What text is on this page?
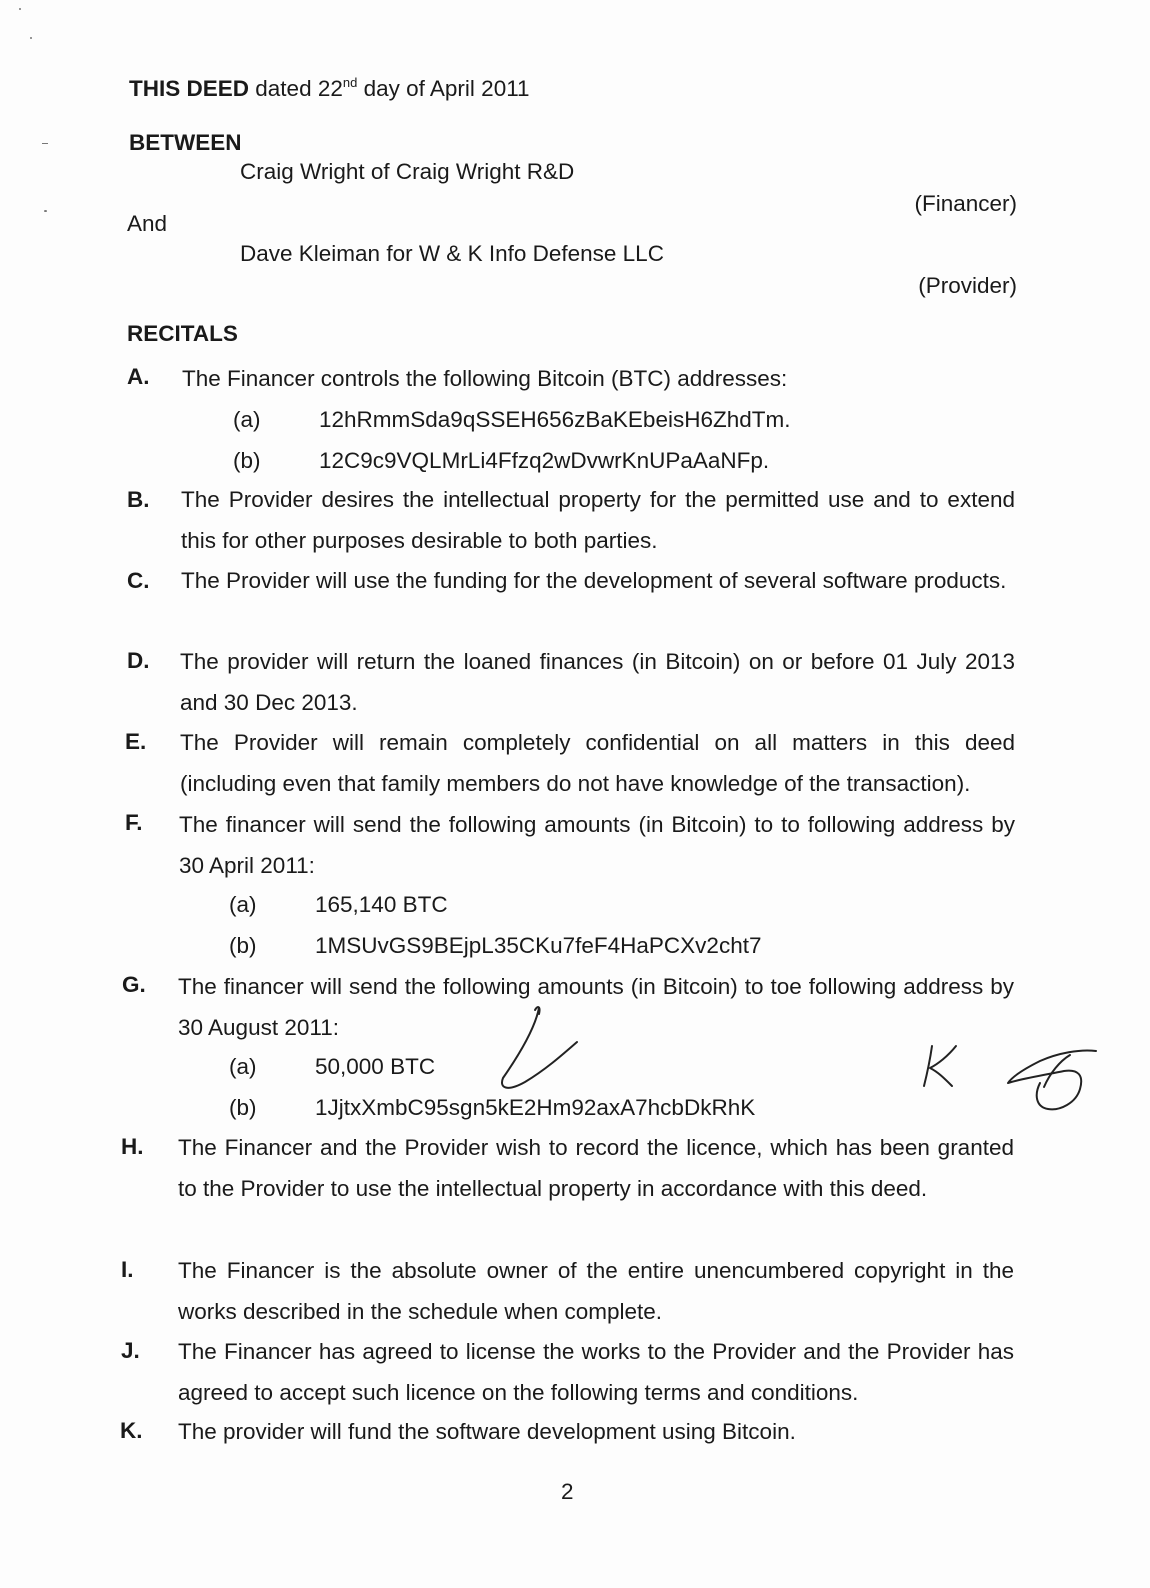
THIS DEED dated 22nd day of April 2011
BETWEEN
Craig Wright of Craig Wright R&D
(Financer)
And
Dave Kleiman for W & K Info Defense LLC
(Provider)
RECITALS
A. The Financer controls the following Bitcoin (BTC) addresses:
(a)	12hRmmSda9qSSEH656zBaKEbeisH6ZhdTm.
(b)	12C9c9VQLMrLi4Ffzq2wDvwrKnUPaAaNFp.
B. The Provider desires the intellectual property for the permitted use and to extend this for other purposes desirable to both parties.
C. The Provider will use the funding for the development of several software products.
D. The provider will return the loaned finances (in Bitcoin) on or before 01 July 2013 and 30 Dec 2013.
E. The Provider will remain completely confidential on all matters in this deed (including even that family members do not have knowledge of the transaction).
F. The financer will send the following amounts (in Bitcoin) to to following address by 30 April 2011:
(a)	165,140 BTC
(b)	1MSUvGS9BEjpL35CKu7feF4HaPCXv2cht7
G. The financer will send the following amounts (in Bitcoin) to toe following address by 30 August 2011:
(a)	50,000 BTC
(b)	1JjtxXmbC95sgn5kE2Hm92axA7hcbDkRhK
H. The Financer and the Provider wish to record the licence, which has been granted to the Provider to use the intellectual property in accordance with this deed.
I. The Financer is the absolute owner of the entire unencumbered copyright in the works described in the schedule when complete.
J. The Financer has agreed to license the works to the Provider and the Provider has agreed to accept such licence on the following terms and conditions.
K. The provider will fund the software development using Bitcoin.
2
